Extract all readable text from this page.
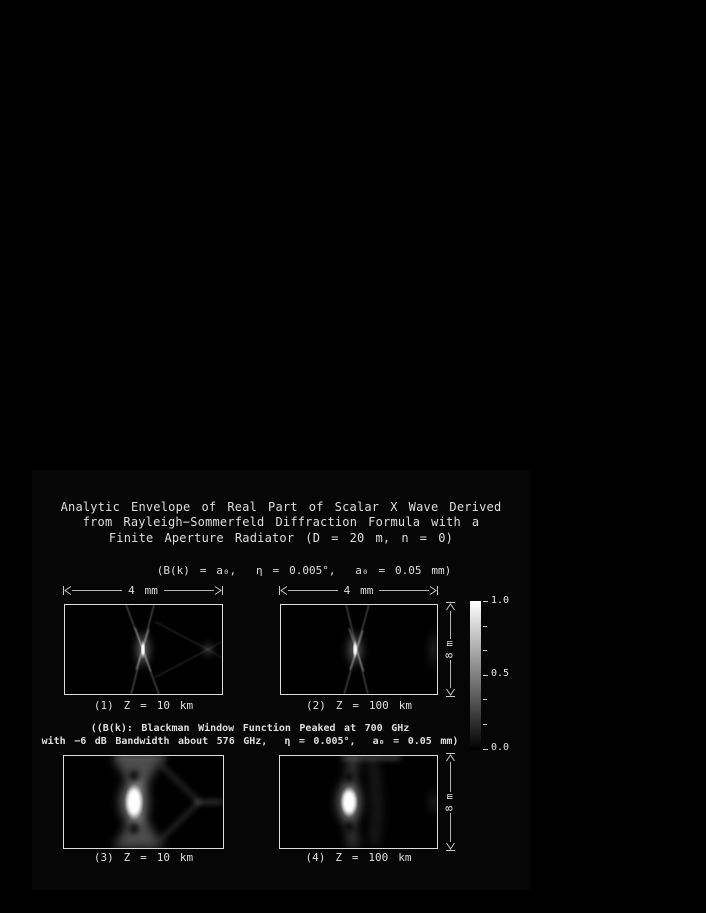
Analytic Envelope of Real Part of Scalar X Wave Derived
from Rayleigh−Sommerfeld Diffraction Formula with a
Finite Aperture Radiator (D = 20 m, n = 0)
(B(k) = a₀,  η = 0.005°,  a₀ = 0.05 mm)
4 mm	4 mm
8 m
(1) Z = 10 km	(2) Z = 100 km
((B(k): Blackman Window Function Peaked at 700 GHz
with −6 dB Bandwidth about 576 GHz,  η = 0.005°,  a₀ = 0.05 mm)
8 m
(3) Z = 10 km	(4) Z = 100 km
1.0
0.5
0.0
